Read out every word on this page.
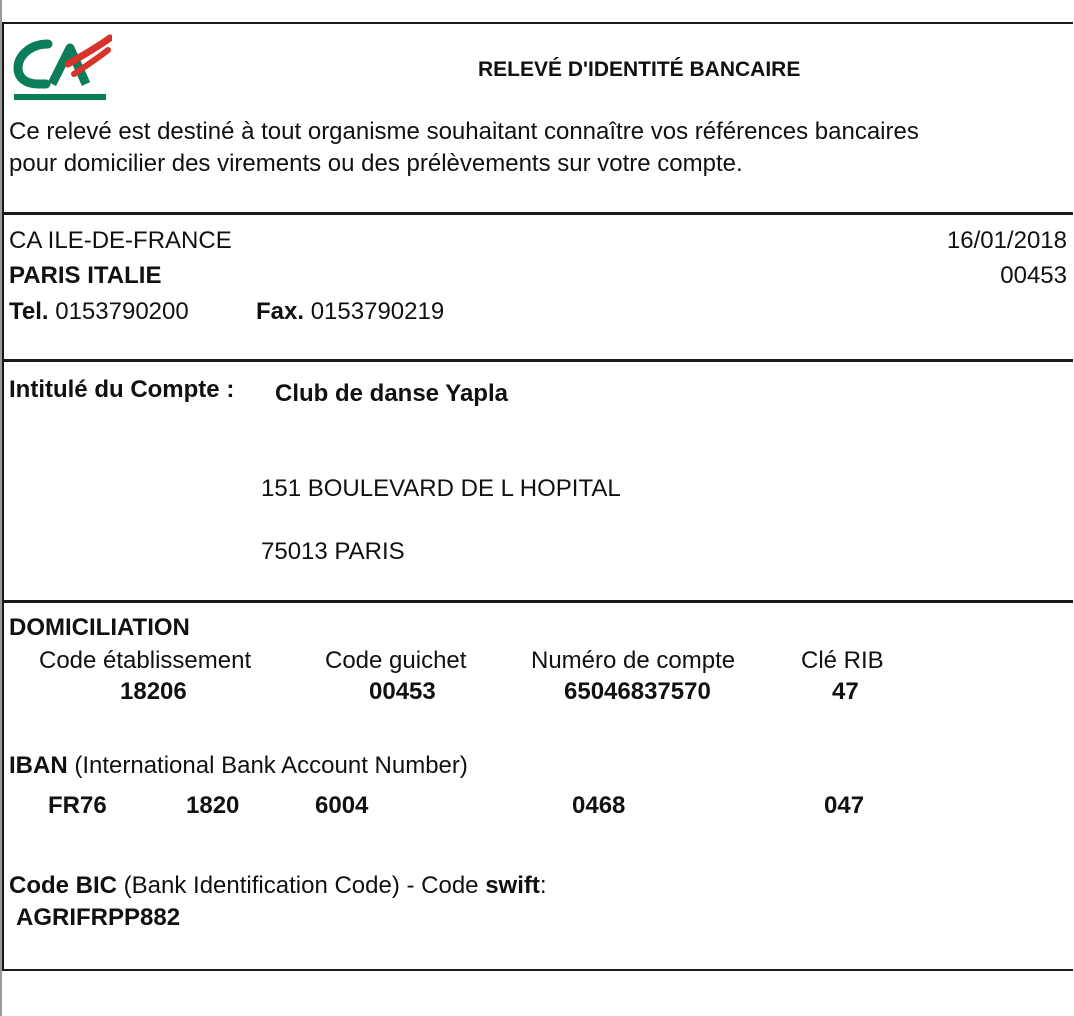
RELEVÉ D'IDENTITÉ BANCAIRE
Ce relevé est destiné à tout organisme souhaitant connaître vos références bancaires
pour domicilier des virements ou des prélèvements sur votre compte.
CA ILE-DE-FRANCE	16/01/2018
PARIS ITALIE	00453
Tel. 0153790200	Fax. 0153790219
Intitulé du Compte : Club de danse Yapla
151 BOULEVARD DE L HOPITAL
75013 PARIS
DOMICILIATION
Code établissement	Code guichet	Numéro de compte	Clé RIB
18206	00453	65046837570	47
IBAN (International Bank Account Number)
FR76	1820	6004	0468	047
Code BIC (Bank Identification Code) - Code swift:
AGRIFRPP882
